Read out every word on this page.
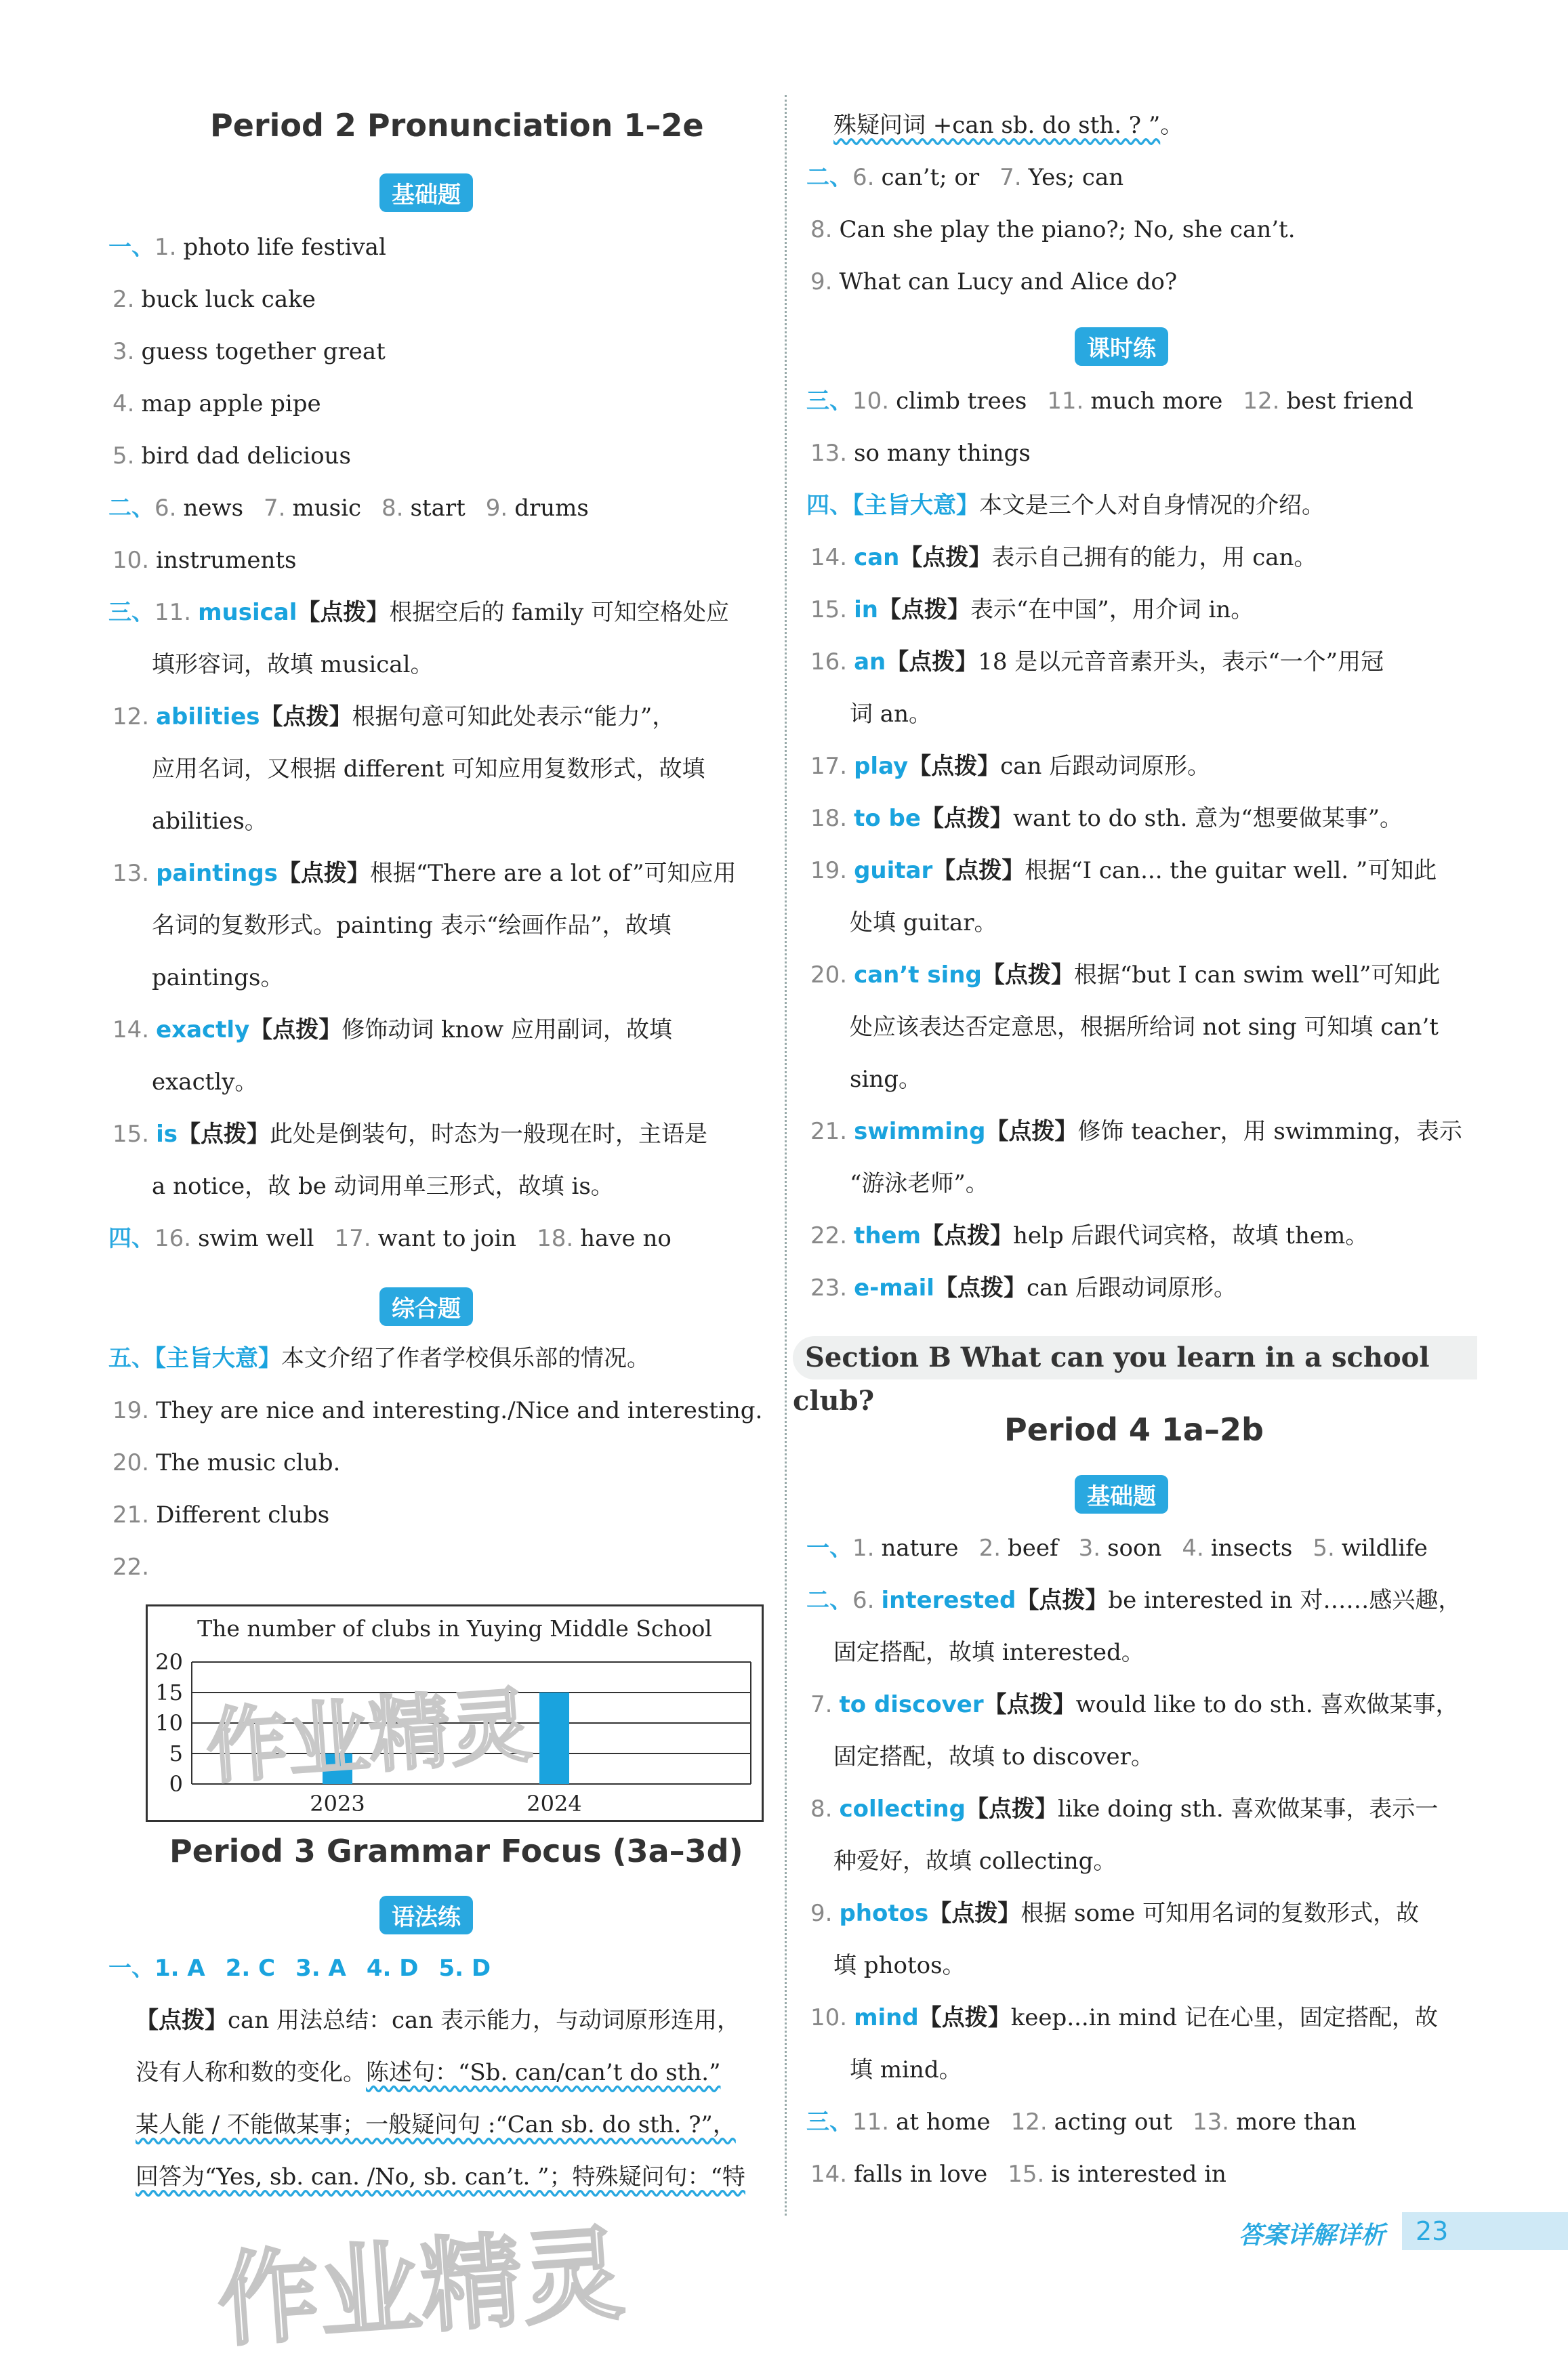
Period 2 Pronunciation 1–2e
基础题
一、1. photo life festival
2. buck luck cake
3. guess together great
4. map apple pipe
5. bird dad delicious
二、6. news 7. music 8. start 9. drums
10. instruments
三、11. musical【点拨】根据空后的 family 可知空格处应
填形容词，故填 musical。
12. abilities【点拨】根据句意可知此处表示“能力”，
应用名词，又根据 different 可知应用复数形式，故填
abilities。
13. paintings【点拨】根据“There are a lot of”可知应用
名词的复数形式。painting 表示“绘画作品”，故填
paintings。
14. exactly【点拨】修饰动词 know 应用副词，故填
exactly。
15. is【点拨】此处是倒装句，时态为一般现在时，主语是
a notice，故 be 动词用单三形式，故填 is。
四、16. swim well 17. want to join 18. have no
综合题
五、【主旨大意】本文介绍了作者学校俱乐部的情况。
19. They are nice and interesting./Nice and interesting.
20. The music club.
21. Different clubs
22.
The number of clubs in Yuying Middle School
20
15
10
5
0
2023	2024
作业精灵
Period 3 Grammar Focus (3a–3d)
语法练
一、1. A 2. C 3. A 4. D 5. D
【点拨】can 用法总结：can 表示能力，与动词原形连用，
没有人称和数的变化。陈述句：“Sb. can/can’t do sth.”
某人能 / 不能做某事；一般疑问句 :“Can sb. do sth. ?”，
回答为“Yes, sb. can. /No, sb. can’t. ”；特殊疑问句：“特
殊疑问词 +can sb. do sth. ? ”。
二、6. can’t; or 7. Yes; can
8. Can she play the piano?; No, she can’t.
9. What can Lucy and Alice do?
课时练
三、10. climb trees 11. much more 12. best friend
13. so many things
四、【主旨大意】本文是三个人对自身情况的介绍。
14. can【点拨】表示自己拥有的能力，用 can。
15. in【点拨】表示“在中国”，用介词 in。
16. an【点拨】18 是以元音音素开头，表示“一个”用冠
词 an。
17. play【点拨】can 后跟动词原形。
18. to be【点拨】want to do sth. 意为“想要做某事”。
19. guitar【点拨】根据“I can... the guitar well. ”可知此
处填 guitar。
20. can’t sing【点拨】根据“but I can swim well”可知此
处应该表达否定意思，根据所给词 not sing 可知填 can’t
sing。
21. swimming【点拨】修饰 teacher，用 swimming，表示
“游泳老师”。
22. them【点拨】help 后跟代词宾格，故填 them。
23. e-mail【点拨】can 后跟动词原形。
Section B What can you learn in a school club?
Period 4 1a–2b
基础题
一、1. nature 2. beef 3. soon 4. insects 5. wildlife
二、6. interested【点拨】be interested in 对……感兴趣，
固定搭配，故填 interested。
7. to discover【点拨】would like to do sth. 喜欢做某事，
固定搭配，故填 to discover。
8. collecting【点拨】like doing sth. 喜欢做某事，表示一
种爱好，故填 collecting。
9. photos【点拨】根据 some 可知用名词的复数形式，故
填 photos。
10. mind【点拨】keep...in mind 记在心里，固定搭配，故
填 mind。
三、11. at home 12. acting out 13. more than
14. falls in love 15. is interested in
答案详解详析	23
作业精灵
